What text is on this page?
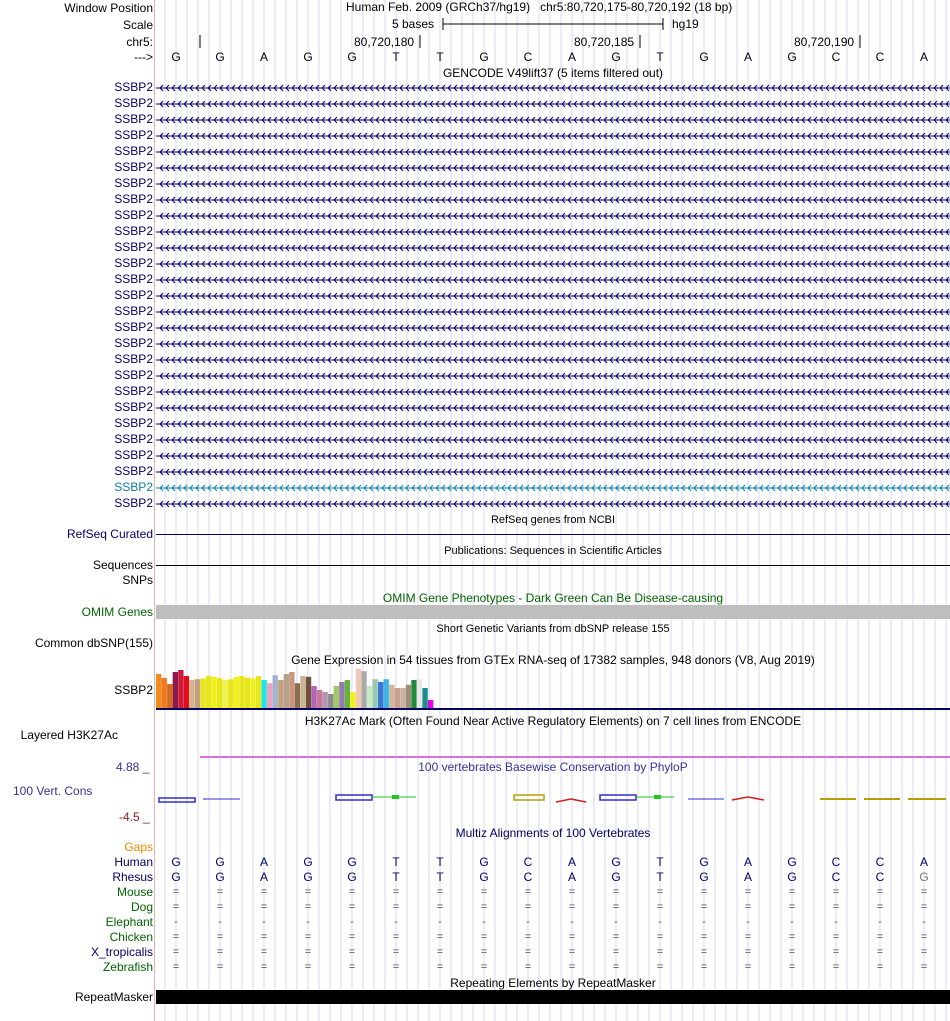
Window Position	Human Feb. 2009 (GRCh37/hg19) chr5:80,720,175-80,720,192 (18 bp)
Scale	5 bases	hg19
chr5:	80,720,180	80,720,185	80,720,190
--->	G	G	A	G	G	T	T	G	C	A	G	T	G	A	G	C	C	A
GENCODE V49lift37 (5 items filtered out)
SSBP2
SSBP2
SSBP2
SSBP2
SSBP2
SSBP2
SSBP2
SSBP2
SSBP2
SSBP2
SSBP2
SSBP2
SSBP2
SSBP2
SSBP2
SSBP2
SSBP2
SSBP2
SSBP2
SSBP2
SSBP2
SSBP2
SSBP2
SSBP2
SSBP2
SSBP2
SSBP2
RefSeq genes from NCBI
RefSeq Curated
Publications: Sequences in Scientific Articles
Sequences
SNPs
OMIM Gene Phenotypes - Dark Green Can Be Disease-causing
OMIM Genes
Short Genetic Variants from dbSNP release 155
Common dbSNP(155)
Gene Expression in 54 tissues from GTEx RNA-seq of 17382 samples, 948 donors (V8, Aug 2019)
SSBP2
H3K27Ac Mark (Often Found Near Active Regulatory Elements) on 7 cell lines from ENCODE
Layered H3K27Ac
4.88 _	100 vertebrates Basewise Conservation by PhyloP
100 Vert. Cons
-4.5 _
Multiz Alignments of 100 Vertebrates
Gaps
Human	G	G	A	G	G	T	T	G	C	A	G	T	G	A	G	C	C	A
Rhesus	G	G	A	G	G	T	T	G	C	A	G	T	G	A	G	C	C	G
Mouse	=	=	=	=	=	=	=	=	=	=	=	=	=	=	=	=	=	=
Dog	=	=	=	=	=	=	=	=	=	=	=	=	=	=	=	=	=	=
Elephant	-	-	-	-	-	-	-	-	-	-	-	-	-	-	-	-	-	-
Chicken	=	=	=	=	=	=	=	=	=	=	=	=	=	=	=	=	=	=
X_tropicalis	=	=	=	=	=	=	=	=	=	=	=	=	=	=	=	=	=	=
Zebrafish	=	=	=	=	=	=	=	=	=	=	=	=	=	=	=	=	=	=
Repeating Elements by RepeatMasker
RepeatMasker
